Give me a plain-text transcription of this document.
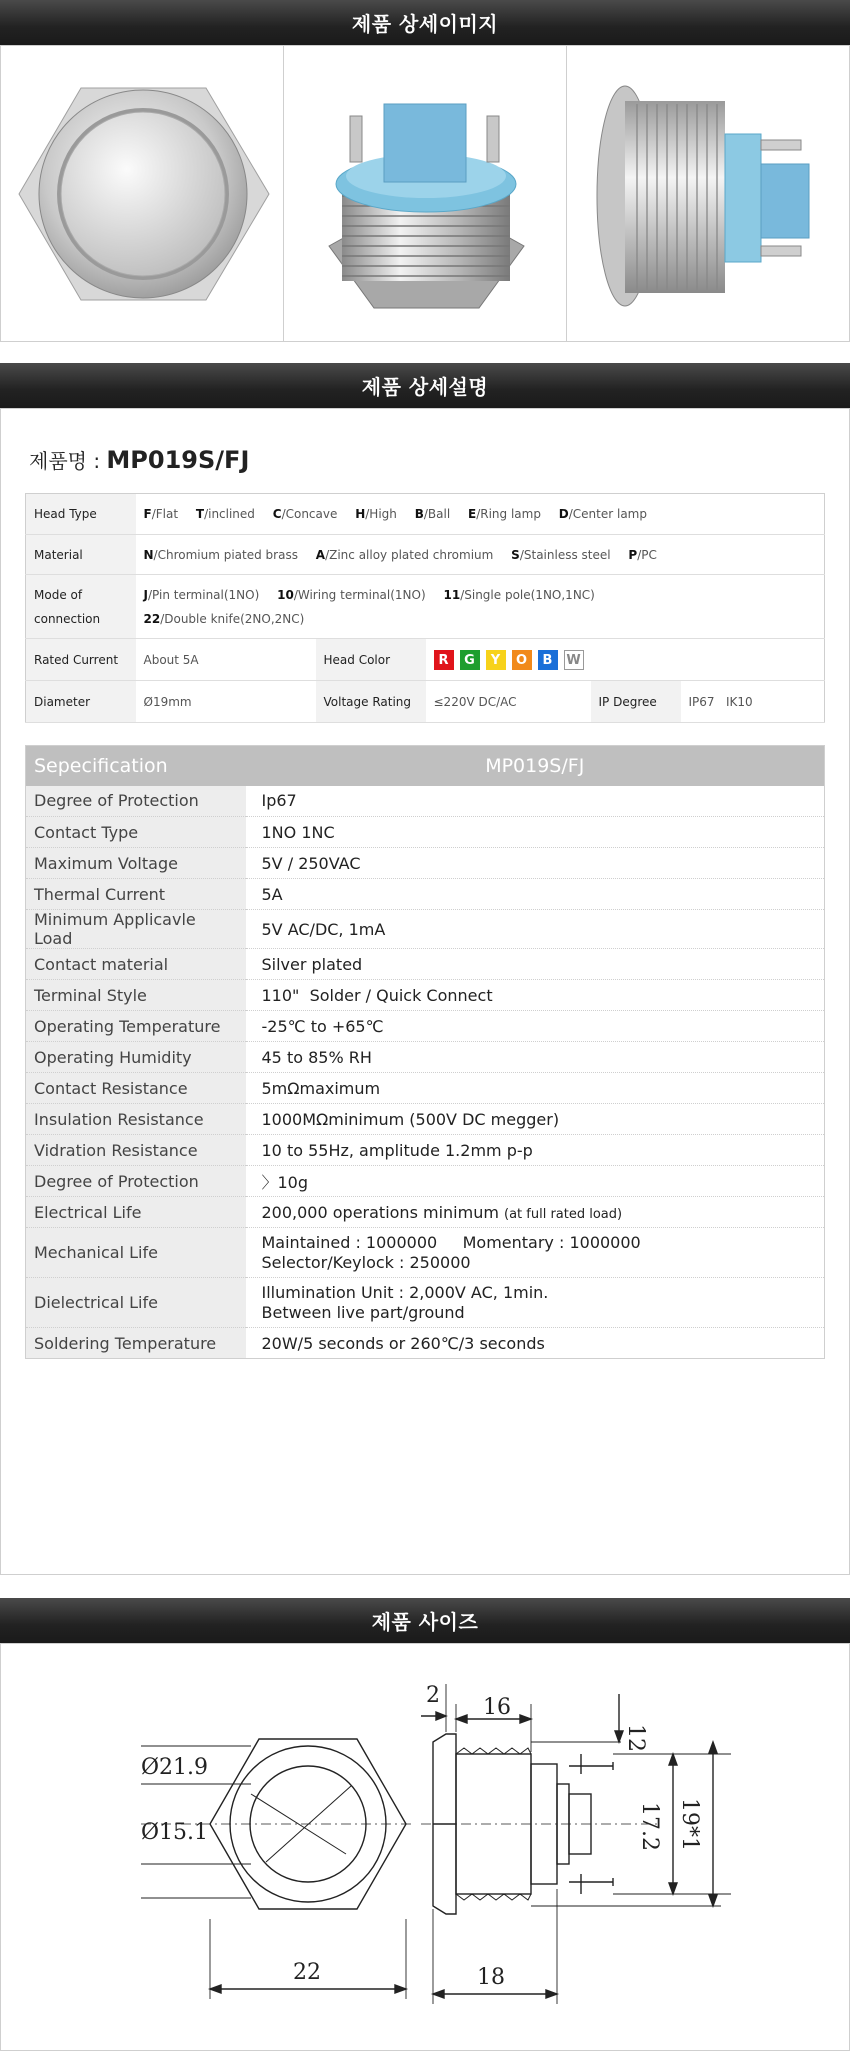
제품 상세이미지
제품 상세설명
제품명 : MP019S/FJ
Head Type	F/Flat T/inclined C/Concave H/High B/Ball E/Ring lamp D/Center lamp				
Material	N/Chromium piated brass A/Zinc alloy plated chromium S/Stainless steel P/PC				
Mode of
connection	J/Pin terminal(1NO) 10/Wiring terminal(1NO) 11/Single pole(1NO,1NC)
22/Double knife(2NO,2NC)				
Rated Current	About 5A	Head Color	R G Y O B W		
Diameter	Ø19mm	Voltage Rating	≤220V DC/AC	IP Degree	IP67   IK10
Sepecification	MP019S/FJ
Degree of Protection	Ip67
Contact Type	1NO 1NC
Maximum Voltage	5V / 250VAC
Thermal Current	5A
Minimum Applicavle Load	5V AC/DC, 1mA
Contact material	Silver plated
Terminal Style	110"  Solder / Quick Connect
Operating Temperature	-25℃ to +65℃
Operating Humidity	45 to 85% RH
Contact Resistance	5mΩmaximum
Insulation Resistance	1000MΩminimum (500V DC megger)
Vidration Resistance	10 to 55Hz, amplitude 1.2mm p-p
Degree of Protection	〉10g
Electrical Life	200,000 operations minimum (at full rated load)
Mechanical Life	Maintained : 1000000     Momentary : 1000000
Selector/Keylock : 250000
Dielectrical Life	Illumination Unit : 2,000V AC, 1min.
Between live part/ground
Soldering Temperature	20W/5 seconds or 260℃/3 seconds
제품 사이즈
Ø21.9
Ø15.1
22
2 16
18
12
17.2 19*1
